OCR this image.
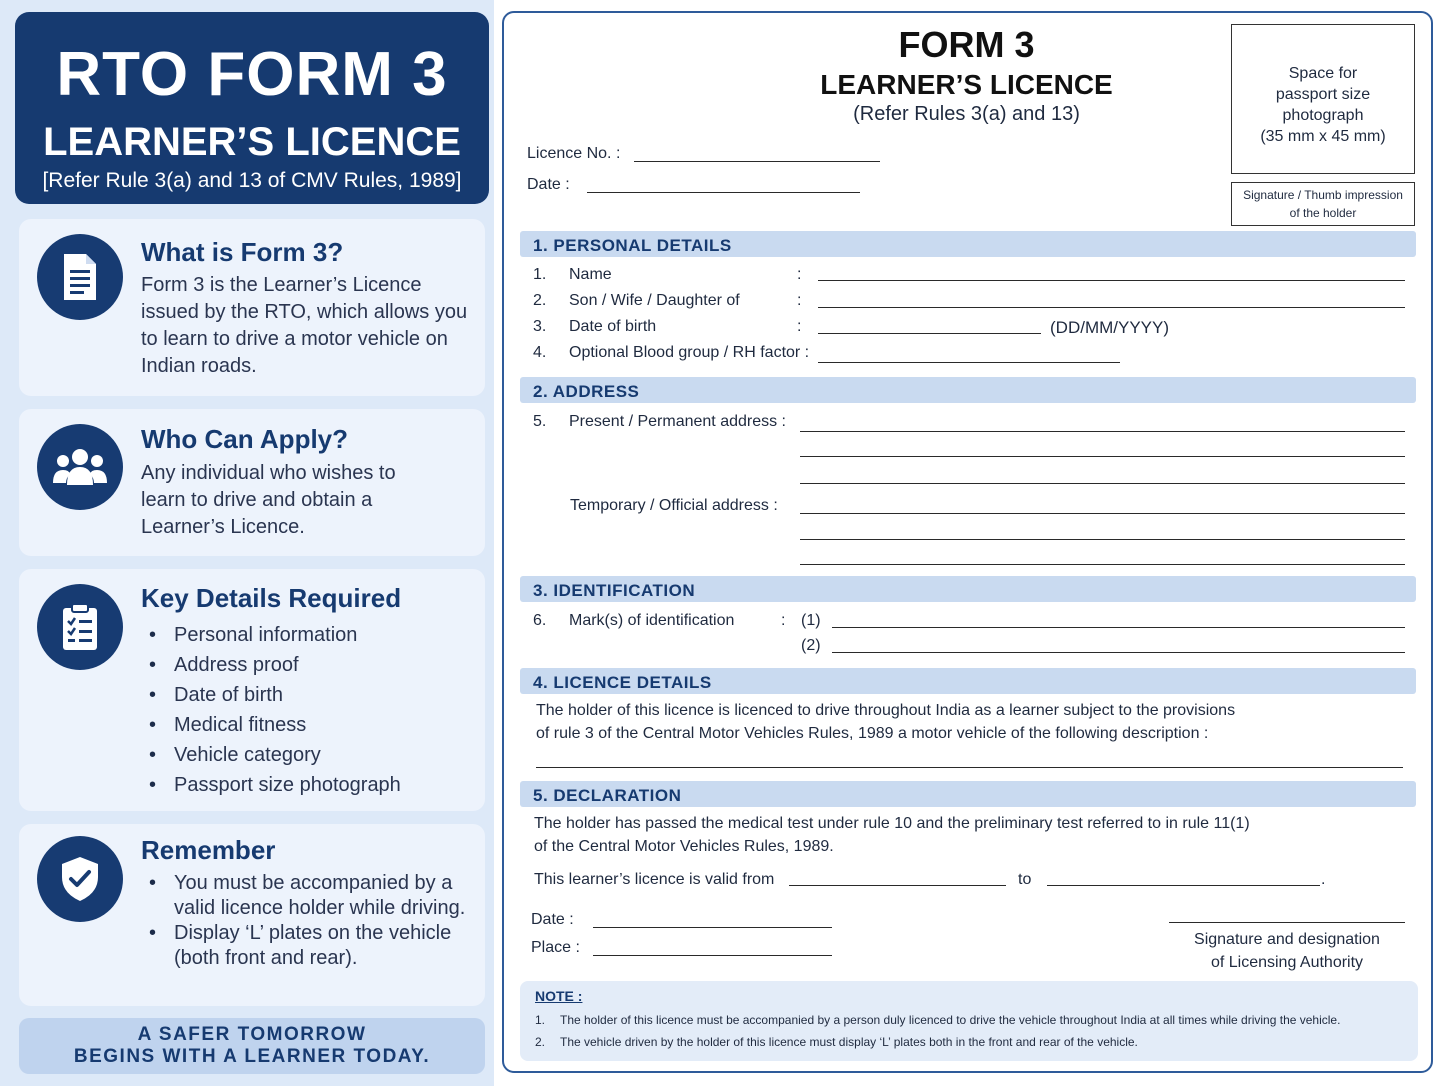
RTO FORM 3
LEARNER’S LICENCE
[Refer Rule 3(a) and 13 of CMV Rules, 1989]
What is Form 3?

Form 3 is the Learner’s Licence issued by the RTO, which allows you to learn to drive a motor vehicle on Indian roads.

Who Can Apply?

Any individual who wishes to learn to drive and obtain a Learner’s Licence.

Key Details Required
• Personal information
• Address proof
• Date of birth
• Medical fitness
• Vehicle category
• Passport size photograph
Remember
• You must be accompanied by a valid licence holder while driving.
• Display ‘L’ plates on the vehicle (both front and rear).
A SAFER TOMORROW
BEGINS WITH A LEARNER TODAY.
FORM 3
LEARNER’S LICENCE
(Refer Rules 3(a) and 13)
Licence No. :
Date :
Space for
passport size
photograph
(35 mm x 45 mm)
Signature / Thumb impression
of the holder
1. PERSONAL DETAILS
1. Name	:
2. Son / Wife / Daughter of	:
3. Date of birth	:	(DD/MM/YYYY)
4. Optional Blood group / RH factor :
2. ADDRESS
5. Present / Permanent address :
Temporary / Official address :
3. IDENTIFICATION
6. Mark(s) of identification	: (1)
(2)
4. LICENCE DETAILS
The holder of this licence is licenced to drive throughout India as a learner subject to the provisions
of rule 3 of the Central Motor Vehicles Rules, 1989 a motor vehicle of the following description :
5. DECLARATION
The holder has passed the medical test under rule 10 and the preliminary test referred to in rule 11(1)
of the Central Motor Vehicles Rules, 1989.
This learner’s licence is valid from	to	.
Date :
Place :	Signature and designation
of Licensing Authority
NOTE :
1. The holder of this licence must be accompanied by a person duly licenced to drive the vehicle throughout India at all times while driving the vehicle.
2. The vehicle driven by the holder of this licence must display ‘L’ plates both in the front and rear of the vehicle.
